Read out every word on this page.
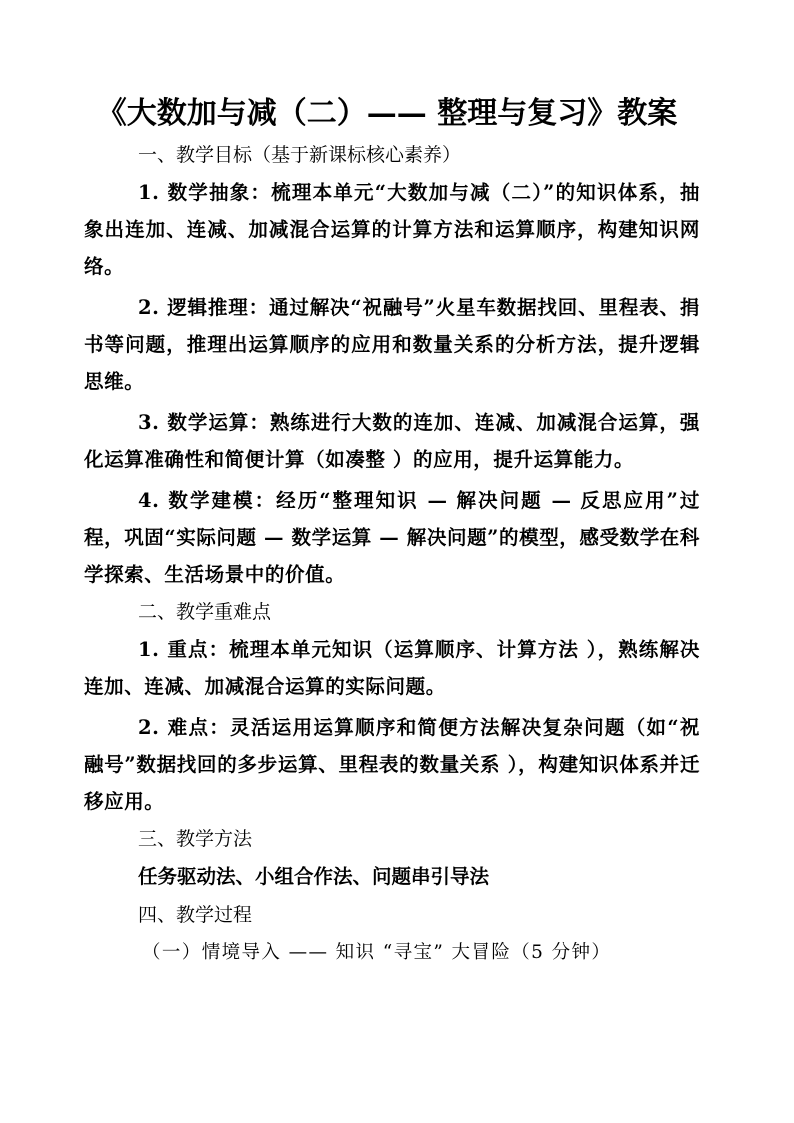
《大数加与减（二）—— 整理与复习》教案
一、教学目标（基于新课标核心素养）
1. 数学抽象：梳理本单元“大数加与减（二）”的知识体系，抽象出连加、连减、加减混合运算的计算方法和运算顺序，构建知识网络。
2. 逻辑推理：通过解决“祝融号”火星车数据找回、里程表、捐书等问题，推理出运算顺序的应用和数量关系的分析方法，提升逻辑思维。
3. 数学运算：熟练进行大数的连加、连减、加减混合运算，强化运算准确性和简便计算（如凑整 ）的应用，提升运算能力。
4. 数学建模：经历“整理知识 — 解决问题 — 反思应用”过程，巩固“实际问题 — 数学运算 — 解决问题”的模型，感受数学在科学探索、生活场景中的价值。
二、教学重难点
1. 重点：梳理本单元知识（运算顺序、计算方法 ），熟练解决连加、连减、加减混合运算的实际问题。
2. 难点：灵活运用运算顺序和简便方法解决复杂问题（如“祝融号”数据找回的多步运算、里程表的数量关系 ），构建知识体系并迁移应用。
三、教学方法
任务驱动法、小组合作法、问题串引导法
四、教学过程
（一）情境导入 —— 知识 “寻宝” 大冒险（5 分钟）
